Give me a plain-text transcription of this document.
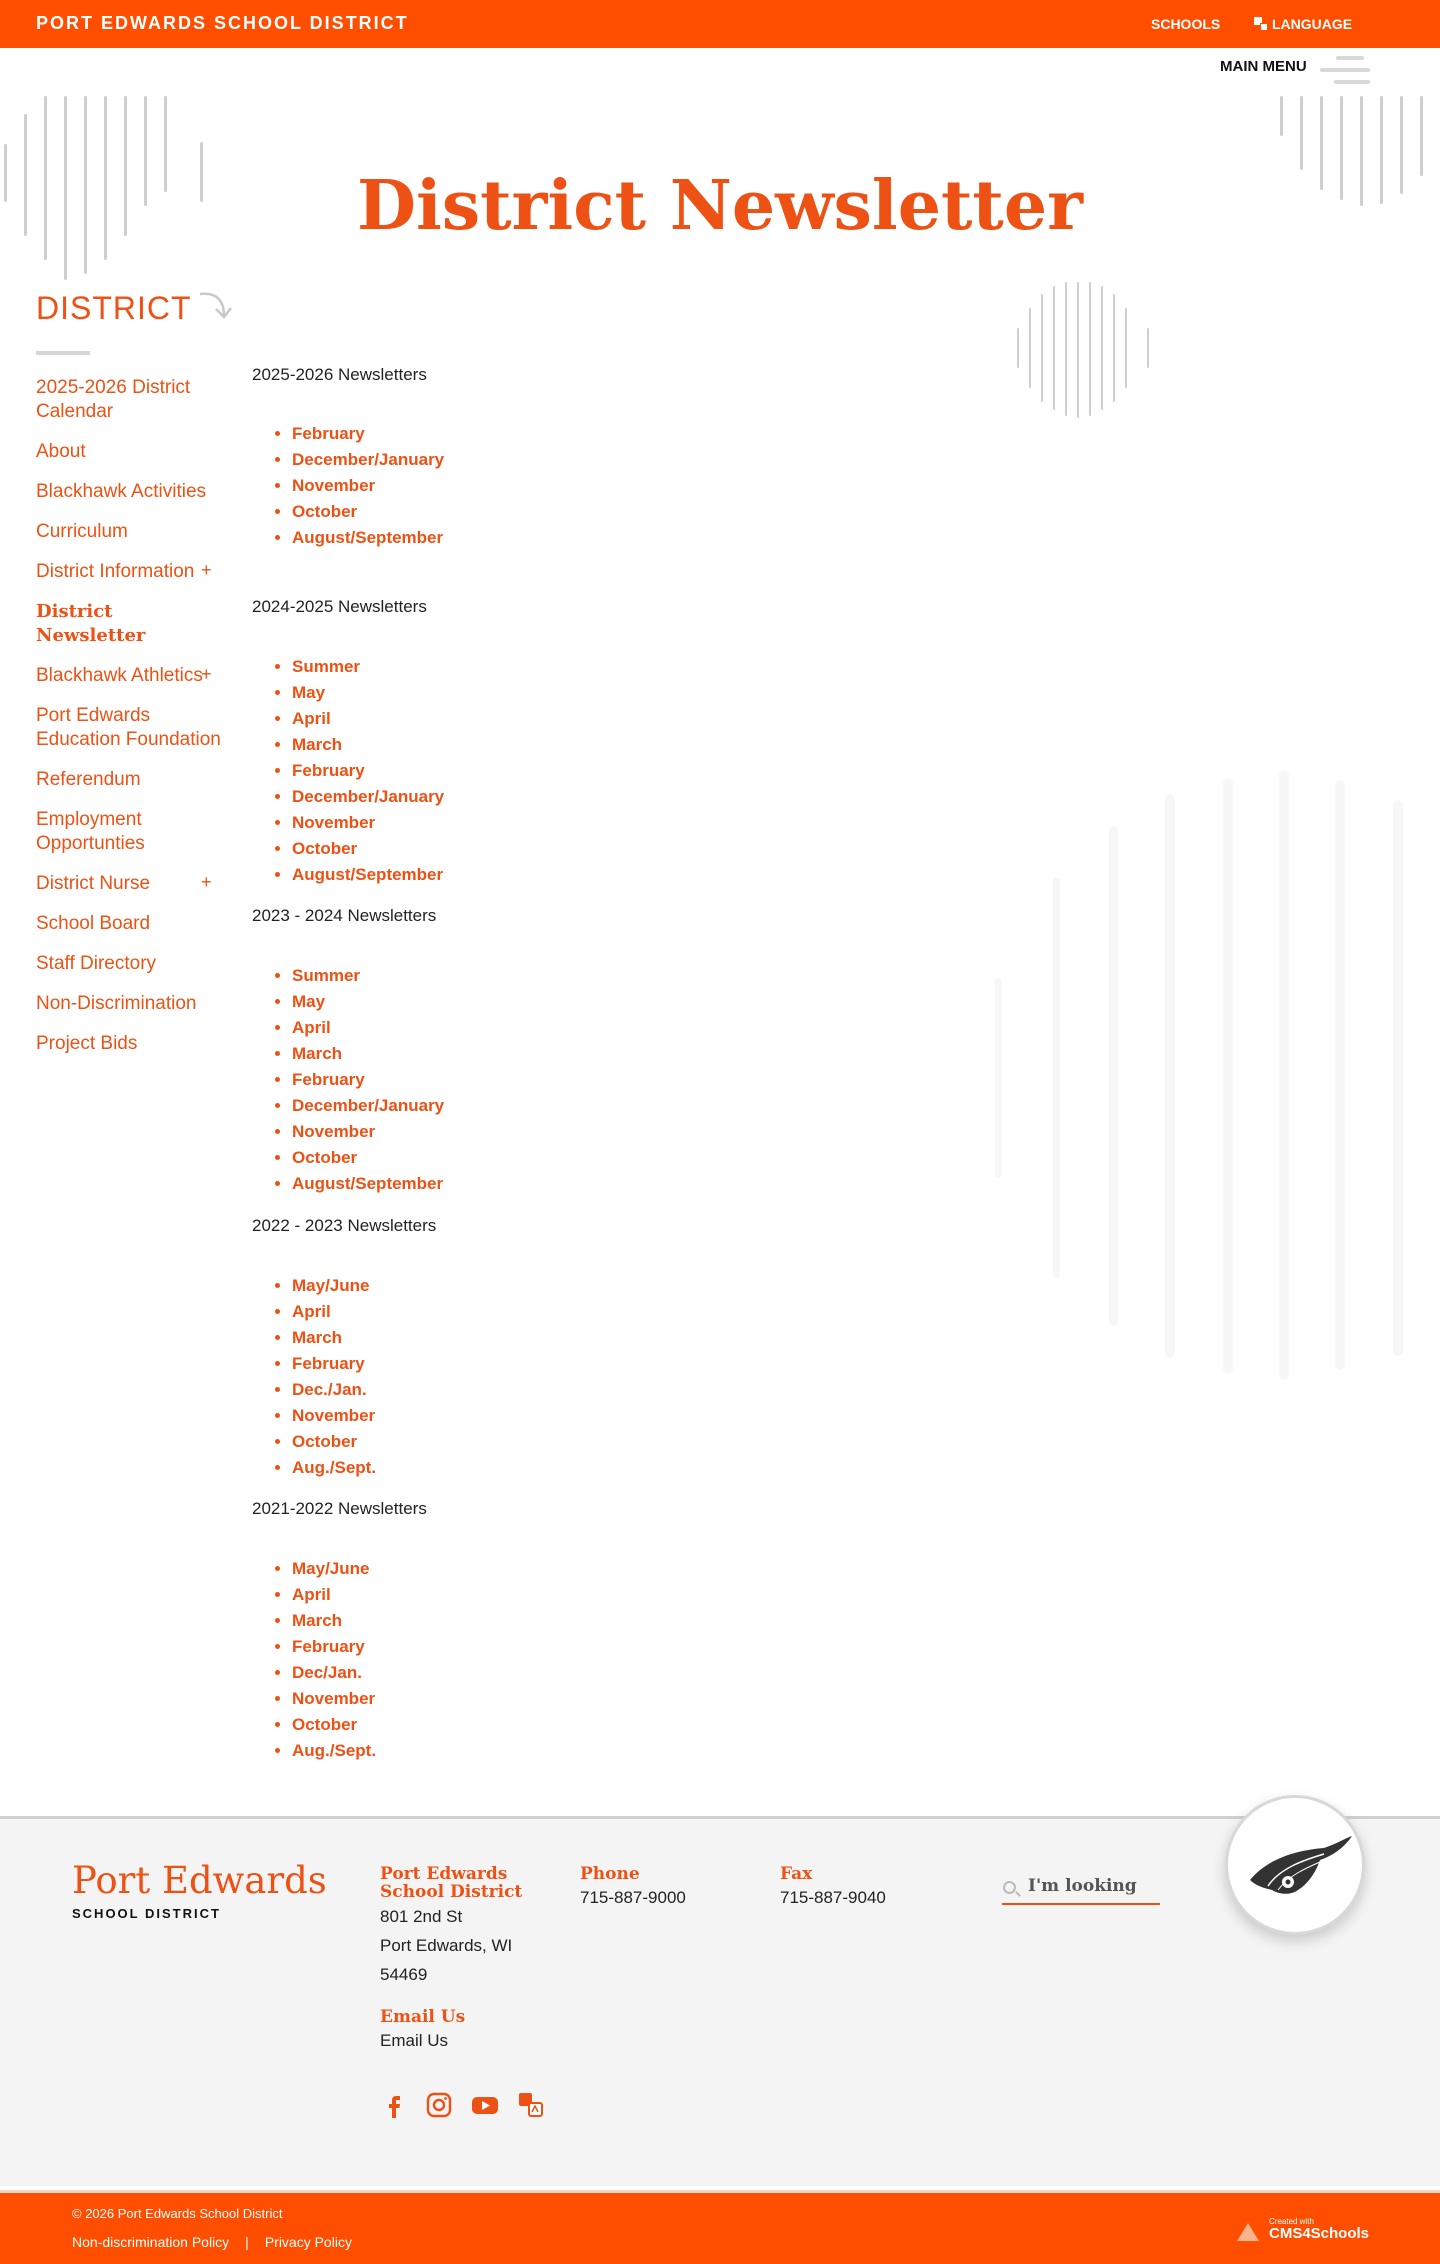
PORT EDWARDS SCHOOL DISTRICT	SCHOOLS	LANGUAGE
MAIN MENU
District Newsletter
DISTRICT
2025-2026 District Calendar
About
Blackhawk Activities
Curriculum
District Information +
District Newsletter
Blackhawk Athletics
+
Port Edwards Education Foundation
Referendum
Employment Opportunties
District Nurse	+
School Board
Staff Directory
Non-Discrimination
Project Bids
2025-2026 Newsletters
• February
• December/January
• November
• October
• August/September
2024-2025 Newsletters
• Summer
• May
• April
• March
• February
• December/January
• November
• October
• August/September
2023 - 2024 Newsletters
• Summer
• May
• April
• March
• February
• December/January
• November
• October
• August/September
2022 - 2023 Newsletters
• May/June
• April
• March
• February
• Dec./Jan.
• November
• October
• Aug./Sept.
2021-2022 Newsletters
• May/June
• April
• March
• February
• Dec/Jan.
• November
• October
• Aug./Sept.
Port Edwards
SCHOOL DISTRICT
Port Edwards School District
801 2nd St
Port Edwards, WI
54469
Email Us
Email Us
Phone
715-887-9000
Fax
715-887-9040
I'm looking
© 2026 Port Edwards School District
Non-discrimination Policy | Privacy Policy
Created with
CMS4Schools
